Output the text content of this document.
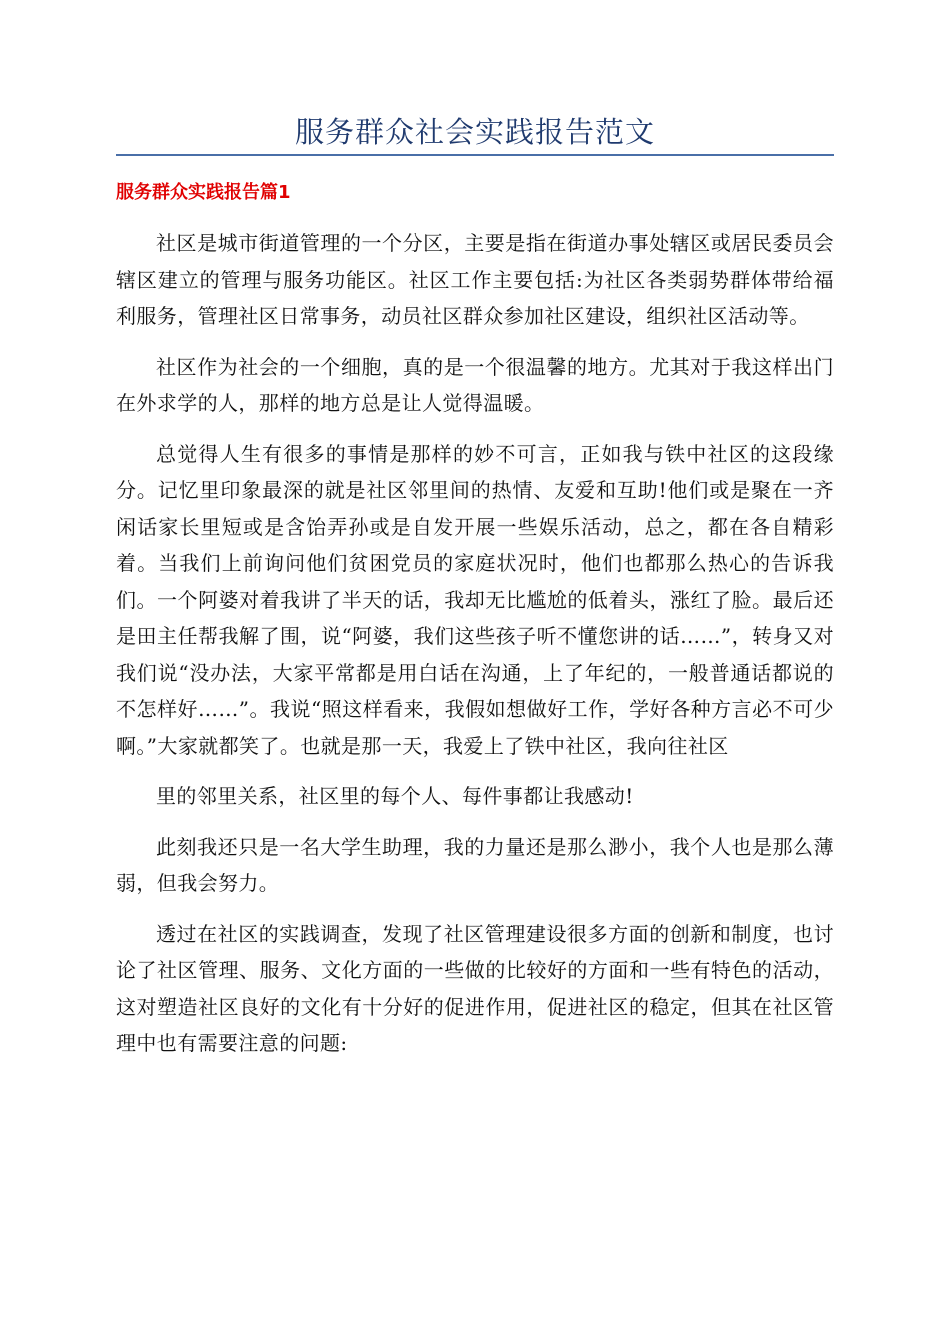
服务群众社会实践报告范文
服务群众实践报告篇1

社区是城市街道管理的一个分区，主要是指在街道办事处辖区或居民委员会辖区建立的管理与服务功能区。社区工作主要包括:为社区各类弱势群体带给福利服务，管理社区日常事务，动员社区群众参加社区建设，组织社区活动等。

社区作为社会的一个细胞，真的是一个很温馨的地方。尤其对于我这样出门在外求学的人，那样的地方总是让人觉得温暖。

总觉得人生有很多的事情是那样的妙不可言，正如我与铁中社区的这段缘分。记忆里印象最深的就是社区邻里间的热情、友爱和互助!他们或是聚在一齐闲话家长里短或是含饴弄孙或是自发开展一些娱乐活动，总之，都在各自精彩着。当我们上前询问他们贫困党员的家庭状况时，他们也都那么热心的告诉我们。一个阿婆对着我讲了半天的话，我却无比尴尬的低着头，涨红了脸。最后还是田主任帮我解了围，说“阿婆，我们这些孩子听不懂您讲的话……”，转身又对我们说“没办法，大家平常都是用白话在沟通，上了年纪的，一般普通话都说的不怎样好……”。我说“照这样看来，我假如想做好工作，学好各种方言必不可少啊。”大家就都笑了。也就是那一天，我爱上了铁中社区，我向往社区

里的邻里关系，社区里的每个人、每件事都让我感动!

此刻我还只是一名大学生助理，我的力量还是那么渺小，我个人也是那么薄弱，但我会努力。

透过在社区的实践调查，发现了社区管理建设很多方面的创新和制度，也讨论了社区管理、服务、文化方面的一些做的比较好的方面和一些有特色的活动，这对塑造社区良好的文化有十分好的促进作用，促进社区的稳定，但其在社区管理中也有需要注意的问题:
